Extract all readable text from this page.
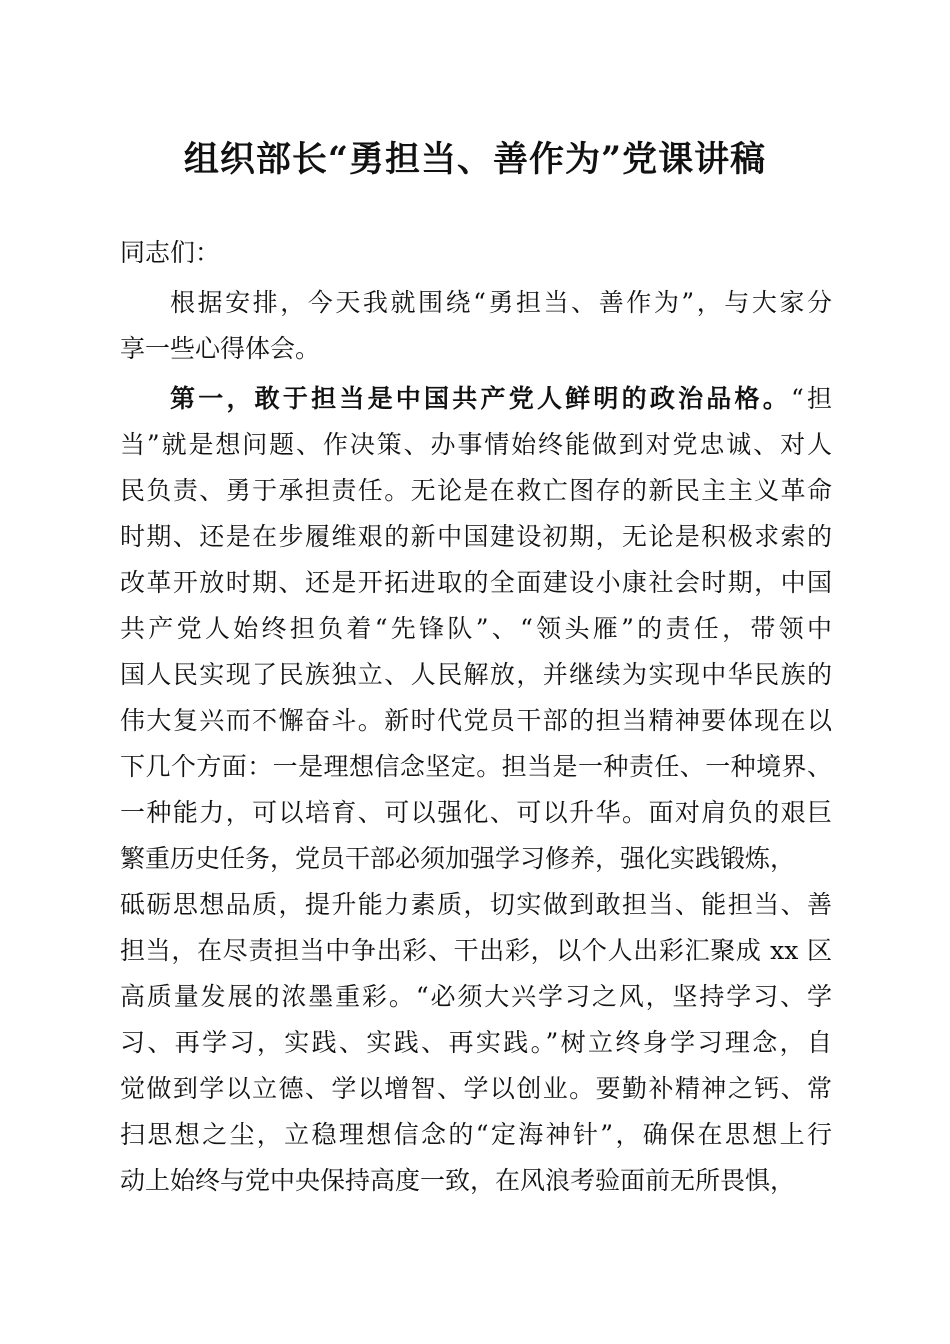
组织部长“勇担当、善作为”党课讲稿
同志们：
根据安排，今天我就围绕“勇担当、善作为”，与大家分
享一些心得体会。
第一，敢于担当是中国共产党人鲜明的政治品格。“担
当”就是想问题、作决策、办事情始终能做到对党忠诚、对人
民负责、勇于承担责任。无论是在救亡图存的新民主主义革命
时期、还是在步履维艰的新中国建设初期，无论是积极求索的
改革开放时期、还是开拓进取的全面建设小康社会时期，中国
共产党人始终担负着“先锋队”、“领头雁”的责任，带领中
国人民实现了民族独立、人民解放，并继续为实现中华民族的
伟大复兴而不懈奋斗。新时代党员干部的担当精神要体现在以
下几个方面：一是理想信念坚定。担当是一种责任、一种境界、
一种能力，可以培育、可以强化、可以升华。面对肩负的艰巨
繁重历史任务，党员干部必须加强学习修养，强化实践锻炼，
砥砺思想品质，提升能力素质，切实做到敢担当、能担当、善
担当，在尽责担当中争出彩、干出彩，以个人出彩汇聚成 xx 区
高质量发展的浓墨重彩。“必须大兴学习之风，坚持学习、学
习、再学习，实践、实践、再实践。”树立终身学习理念，自
觉做到学以立德、学以增智、学以创业。要勤补精神之钙、常
扫思想之尘，立稳理想信念的“定海神针”，确保在思想上行
动上始终与党中央保持高度一致，在风浪考验面前无所畏惧，
